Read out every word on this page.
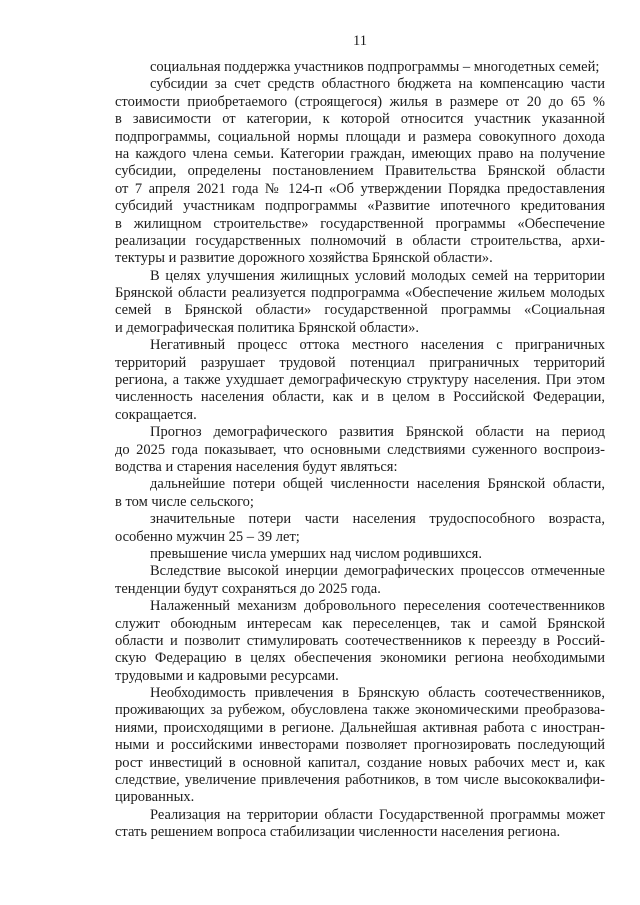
11
социальная поддержка участников подпрограммы – многодетных семей;
субсидии за счет средств областного бюджета на компенсацию части
стоимости приобретаемого (строящегося) жилья в размере от 20 до 65 %
в зависимости от категории, к которой относится участник указанной
подпрограммы, социальной нормы площади и размера совокупного дохода
на каждого члена семьи. Категории граждан, имеющих право на получение
субсидии, определены постановлением Правительства Брянской области
от 7 апреля 2021 года № 124-п «Об утверждении Порядка предоставления
субсидий участникам подпрограммы «Развитие ипотечного кредитования
в жилищном строительстве» государственной программы «Обеспечение
реализации государственных полномочий в области строительства, архи-
тектуры и развитие дорожного хозяйства Брянской области».
В целях улучшения жилищных условий молодых семей на территории
Брянской области реализуется подпрограмма «Обеспечение жильем молодых
семей в Брянской области» государственной программы «Социальная
и демографическая политика Брянской области».
Негативный процесс оттока местного населения с приграничных
территорий разрушает трудовой потенциал приграничных территорий
региона, а также ухудшает демографическую структуру населения. При этом
численность населения области, как и в целом в Российской Федерации,
сокращается.
Прогноз демографического развития Брянской области на период
до 2025 года показывает, что основными следствиями суженного воспроиз-
водства и старения населения будут являться:
дальнейшие потери общей численности населения Брянской области,
в том числе сельского;
значительные потери части населения трудоспособного возраста,
особенно мужчин 25 – 39 лет;
превышение числа умерших над числом родившихся.
Вследствие высокой инерции демографических процессов отмеченные
тенденции будут сохраняться до 2025 года.
Налаженный механизм добровольного переселения соотечественников
служит обоюдным интересам как переселенцев, так и самой Брянской
области и позволит стимулировать соотечественников к переезду в Россий-
скую Федерацию в целях обеспечения экономики региона необходимыми
трудовыми и кадровыми ресурсами.
Необходимость привлечения в Брянскую область соотечественников,
проживающих за рубежом, обусловлена также экономическими преобразова-
ниями, происходящими в регионе. Дальнейшая активная работа с иностран-
ными и российскими инвесторами позволяет прогнозировать последующий
рост инвестиций в основной капитал, создание новых рабочих мест и, как
следствие, увеличение привлечения работников, в том числе высококвалифи-
цированных.
Реализация на территории области Государственной программы может
стать решением вопроса стабилизации численности населения региона.
